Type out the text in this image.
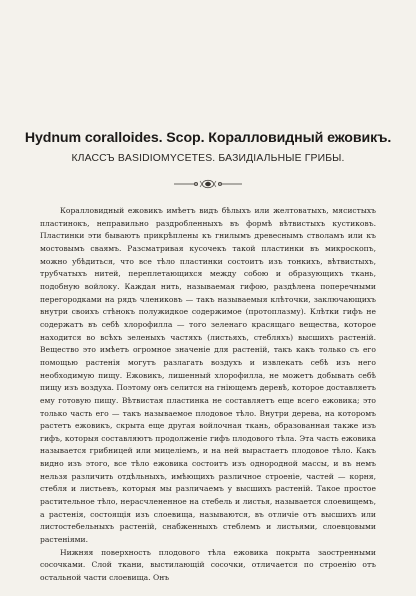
Hydnum coralloides. Scop. Коралловидный ежовикъ.
КЛАССЪ BASIDIOMYCETES. БАЗИДІАЛЬНЫЕ ГРИБЫ.

Коралловидный ежовикъ имѣетъ видъ бѣлыхъ или желтоватыхъ, мясистыхъ пластинокъ, неправильно раздробленныхъ въ формѣ вѣтвистыхъ кустиковъ. Пластинки эти бываютъ прикрѣплены къ гнилымъ древеснымъ стволамъ или къ мостовымъ сваямъ. Разсматривая кусочекъ такой пластинки въ микроскопъ, можно убѣдиться, что все тѣло пластинки состоитъ изъ тонкихъ, вѣтвистыхъ, трубчатыхъ нитей, переплетающихся между собою и образующихъ ткань, подобную войлоку. Каждая нить, называемая гифою, раздѣлена поперечными перегородками на рядъ члениковъ — такъ называемыя клѣточки, заключающихъ внутри своихъ стѣнокъ полужидкое содержимое (протоплазму). Клѣтки гифъ не содержатъ въ себѣ хлорофилла — того зеленаго красящаго вещества, которое находится во всѣхъ зеленыхъ частяхъ (листьяхъ, стебляхъ) высшихъ растеній. Вещество это имѣетъ огромное значеніе для растеній, такъ какъ только съ его помощью растенія могутъ разлагать воздухъ и извлекать себѣ изъ него необходимую пищу. Ежовикъ, лишенный хлорофилла, не можетъ добывать себѣ пищу изъ воздуха. Поэтому онъ селится на гніющемъ деревѣ, которое доставляетъ ему готовую пищу. Вѣтвистая пластинка не составляетъ еще всего ежовика; это только часть его — такъ называемое плодовое тѣло. Внутри дерева, на которомъ растетъ ежовикъ, скрыта еще другая войлочная ткань, образованная также изъ гифъ, которыя составляютъ продолженіе гифъ плодового тѣла. Эта часть ежовика называется грибницей или мицеліемъ, и на ней вырастаетъ плодовое тѣло. Какъ видно изъ этого, все тѣло ежовика состоитъ изъ однородной массы, и въ немъ нельзя различить отдѣльныхъ, имѣющихъ различное строеніе, частей — корня, стебля и листьевъ, которыя мы различаемъ у высшихъ растеній. Такое простое растительное тѣло, нерасчлененное на стебель и листья, называется слоевищемъ, а растенія, состоящія изъ слоевища, называются, въ отличіе отъ высшихъ или листостебельныхъ растеній, снабженныхъ стеблемъ и листьями, слоевцовыми растеніями.

Нижняя поверхность плодового тѣла ежовика покрыта заостренными сосочками. Слой ткани, выстилающій сосочки, отличается по строенію отъ остальной части слоевища. Онъ
